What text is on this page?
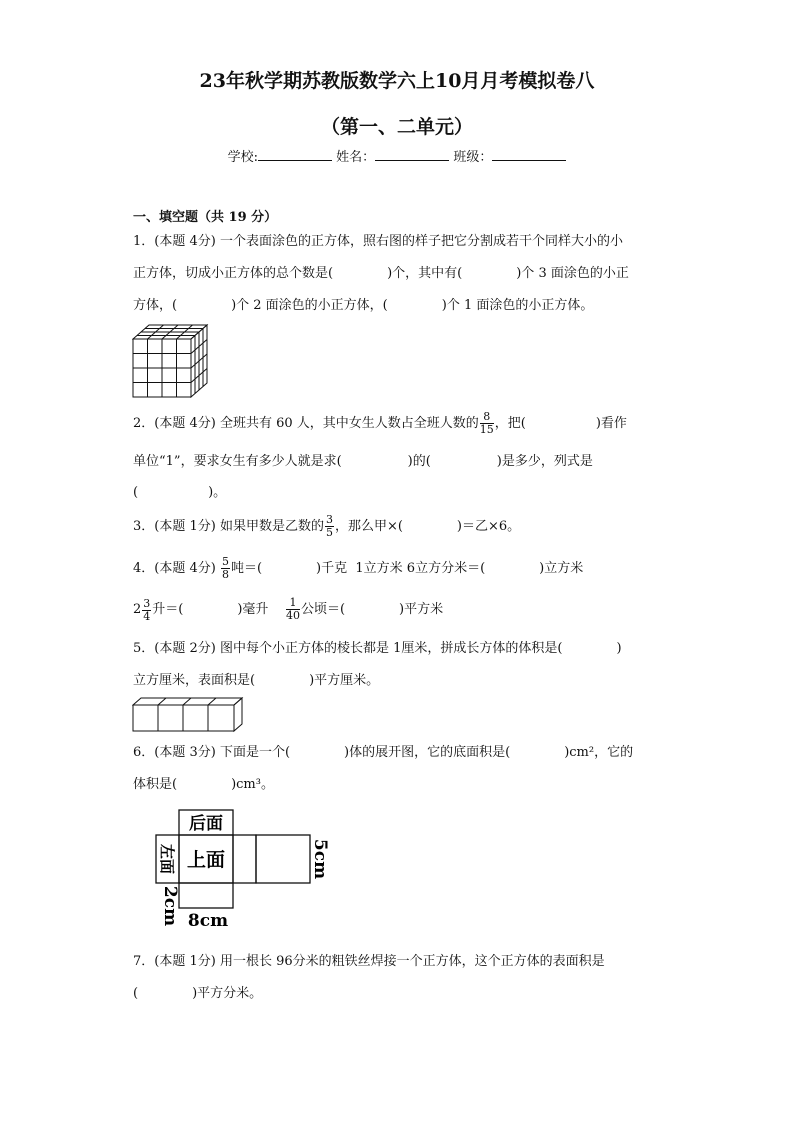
23年秋学期苏教版数学六上10月月考模拟卷八
（第一、二单元）
学校:	姓名：	班级：
一、填空题（共 19 分）
1．(本题 4分) 一个表面涂色的正方体，照右图的样子把它分割成若干个同样大小的小
正方体，切成小正方体的总个数是(	)个，其中有(	)个 3 面涂色的小正
方体，(	)个 2 面涂色的小正方体，(	)个 1 面涂色的小正方体。
2．(本题 4分) 全班共有 60 人，其中女生人数占全班人数的 $\frac{8}{15}$ ，把(	)看作
单位“1”，要求女生有多少人就是求(	)的(	)是多少，列式是
(	)。
3．(本题 1分) 如果甲数是乙数的 $\frac{3}{5}$ ，那么甲×(	)＝乙×6。
4．(本题 4分) $\frac{5}{8}$ 吨＝(	)千克 1立方米 6立方分米＝(	)立方米
$2 \frac{3}{4}$ 升＝(	)毫升 $\frac{1}{40}$ 公顷＝(	)平方米
5．(本题 2分) 图中每个小正方体的棱长都是 1厘米，拼成长方体的体积是(	)
立方厘米，表面积是(	)平方厘米。
6．(本题 3分) 下面是一个(	)体的展开图，它的底面积是(	)cm²，它的
体积是(	)cm³。
后面
上面
左面	5cm
2cm 8cm
7．(本题 1分) 用一根长 96分米的粗铁丝焊接一个正方体，这个正方体的表面积是
(	)平方分米。
